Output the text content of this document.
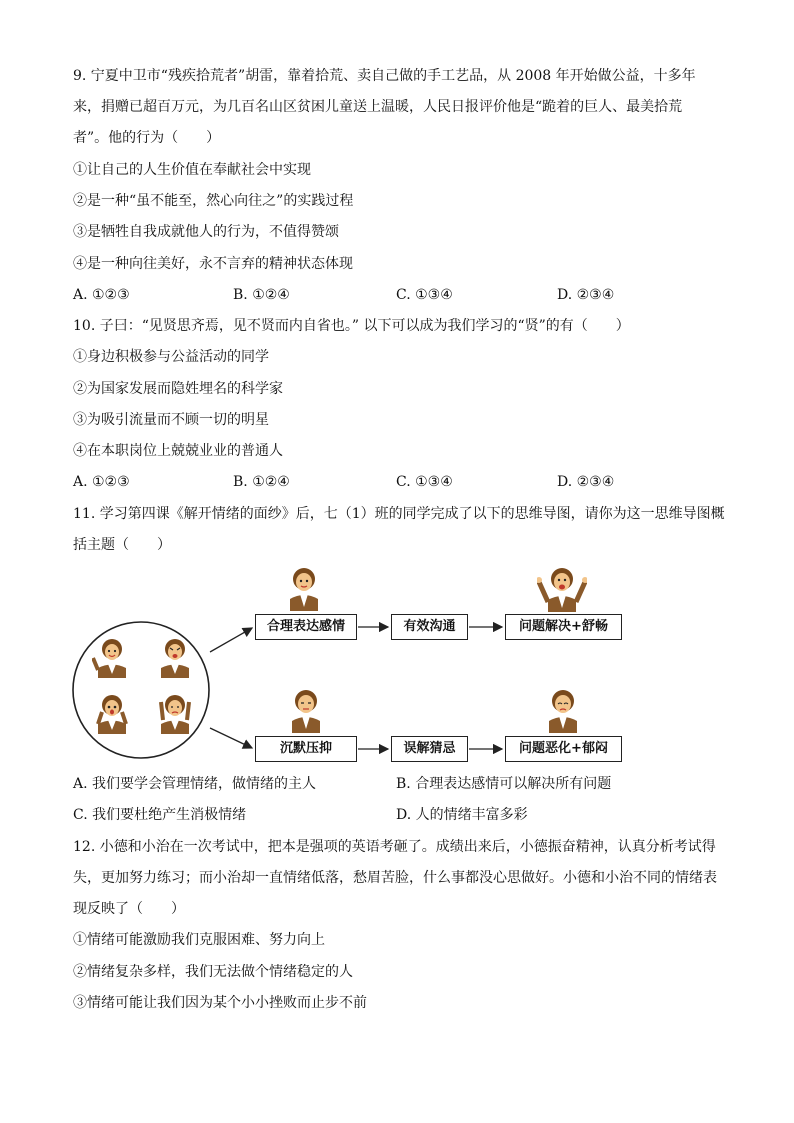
9. 宁夏中卫市“残疾拾荒者”胡雷，靠着拾荒、卖自己做的手工艺品，从 2008 年开始做公益，十多年
来，捐赠已超百万元，为几百名山区贫困儿童送上温暖，人民日报评价他是“跪着的巨人、最美拾荒
者”。他的行为（　　）
①让自己的人生价值在奉献社会中实现
②是一种“虽不能至，然心向往之”的实践过程
③是牺牲自我成就他人的行为，不值得赞颂
④是一种向往美好，永不言弃的精神状态体现
A. ①②③	B. ①②④	C. ①③④	D. ②③④
10. 子曰：“见贤思齐焉，见不贤而内自省也。” 以下可以成为我们学习的“贤”的有（　　）
①身边积极参与公益活动的同学
②为国家发展而隐姓埋名的科学家
③为吸引流量而不顾一切的明星
④在本职岗位上兢兢业业的普通人
A. ①②③	B. ①②④	C. ①③④	D. ②③④
11. 学习第四课《解开情绪的面纱》后，七（1）班的同学完成了以下的思维导图，请你为这一思维导图概
括主题（　　）
合理表达感情	有效沟通	问题解决+舒畅
沉默压抑	误解猜忌	问题恶化+郁闷
A. 我们要学会管理情绪，做情绪的主人	B. 合理表达感情可以解决所有问题
C. 我们要杜绝产生消极情绪	D. 人的情绪丰富多彩
12. 小德和小治在一次考试中，把本是强项的英语考砸了。成绩出来后，小德振奋精神，认真分析考试得
失，更加努力练习；而小治却一直情绪低落，愁眉苦脸，什么事都没心思做好。小德和小治不同的情绪表
现反映了（　　）
①情绪可能激励我们克服困难、努力向上
②情绪复杂多样，我们无法做个情绪稳定的人
③情绪可能让我们因为某个小小挫败而止步不前
